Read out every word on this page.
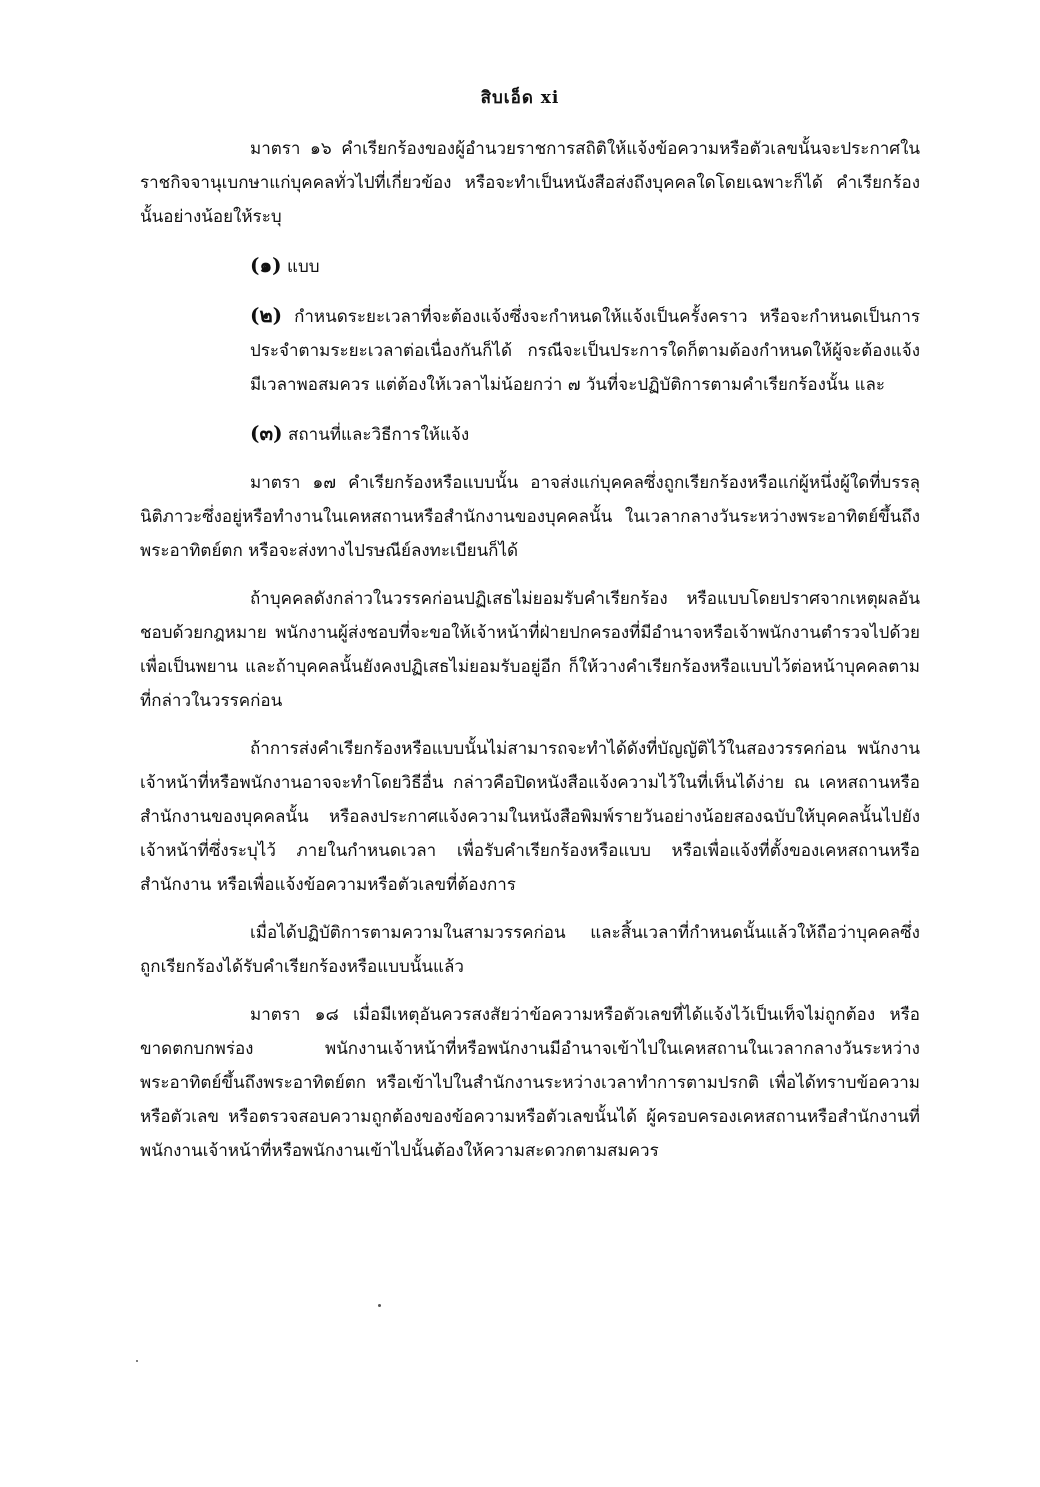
สิบเอ็ด xi

มาตรา ๑๖ คำเรียกร้องของผู้อำนวยราชการสถิติให้แจ้งข้อความหรือตัวเลขนั้นจะประกาศในราชกิจจานุเบกษาแก่บุคคลทั่วไปที่เกี่ยวข้อง หรือจะทำเป็นหนังสือส่งถึงบุคคลใดโดยเฉพาะก็ได้ คำเรียกร้องนั้นอย่างน้อยให้ระบุ

(๑) แบบ

(๒) กำหนดระยะเวลาที่จะต้องแจ้งซึ่งจะกำหนดให้แจ้งเป็นครั้งคราว หรือจะกำหนดเป็นการประจำตามระยะเวลาต่อเนื่องกันก็ได้ กรณีจะเป็นประการใดก็ตามต้องกำหนดให้ผู้จะต้องแจ้งมีเวลาพอสมควร แต่ต้องให้เวลาไม่น้อยกว่า ๗ วันที่จะปฏิบัติการตามคำเรียกร้องนั้น และ

(๓) สถานที่และวิธีการให้แจ้ง

มาตรา ๑๗ คำเรียกร้องหรือแบบนั้น อาจส่งแก่บุคคลซึ่งถูกเรียกร้องหรือแก่ผู้หนึ่งผู้ใดที่บรรลุนิติภาวะซึ่งอยู่หรือทำงานในเคหสถานหรือสำนักงานของบุคคลนั้น ในเวลากลางวันระหว่างพระอาทิตย์ขึ้นถึงพระอาทิตย์ตก หรือจะส่งทางไปรษณีย์ลงทะเบียนก็ได้

ถ้าบุคคลดังกล่าวในวรรคก่อนปฏิเสธไม่ยอมรับคำเรียกร้อง หรือแบบโดยปราศจากเหตุผลอันชอบด้วยกฎหมาย พนักงานผู้ส่งชอบที่จะขอให้เจ้าหน้าที่ฝ่ายปกครองที่มีอำนาจหรือเจ้าพนักงานตำรวจไปด้วยเพื่อเป็นพยาน และถ้าบุคคลนั้นยังคงปฏิเสธไม่ยอมรับอยู่อีก ก็ให้วางคำเรียกร้องหรือแบบไว้ต่อหน้าบุคคลตามที่กล่าวในวรรคก่อน

ถ้าการส่งคำเรียกร้องหรือแบบนั้นไม่สามารถจะทำได้ดังที่บัญญัติไว้ในสองวรรคก่อน พนักงานเจ้าหน้าที่หรือพนักงานอาจจะทำโดยวิธีอื่น กล่าวคือปิดหนังสือแจ้งความไว้ในที่เห็นได้ง่าย ณ เคหสถานหรือสำนักงานของบุคคลนั้น หรือลงประกาศแจ้งความในหนังสือพิมพ์รายวันอย่างน้อยสองฉบับให้บุคคลนั้นไปยังเจ้าหน้าที่ซึ่งระบุไว้ ภายในกำหนดเวลา เพื่อรับคำเรียกร้องหรือแบบ หรือเพื่อแจ้งที่ตั้งของเคหสถานหรือสำนักงาน หรือเพื่อแจ้งข้อความหรือตัวเลขที่ต้องการ

เมื่อได้ปฏิบัติการตามความในสามวรรคก่อน และสิ้นเวลาที่กำหนดนั้นแล้วให้ถือว่าบุคคลซึ่งถูกเรียกร้องได้รับคำเรียกร้องหรือแบบนั้นแล้ว

มาตรา ๑๘ เมื่อมีเหตุอันควรสงสัยว่าข้อความหรือตัวเลขที่ได้แจ้งไว้เป็นเท็จไม่ถูกต้อง หรือขาดตกบกพร่อง พนักงานเจ้าหน้าที่หรือพนักงานมีอำนาจเข้าไปในเคหสถานในเวลากลางวันระหว่างพระอาทิตย์ขึ้นถึงพระอาทิตย์ตก หรือเข้าไปในสำนักงานระหว่างเวลาทำการตามปรกติ เพื่อได้ทราบข้อความหรือตัวเลข หรือตรวจสอบความถูกต้องของข้อความหรือตัวเลขนั้นได้ ผู้ครอบครองเคหสถานหรือสำนักงานที่พนักงานเจ้าหน้าที่หรือพนักงานเข้าไปนั้นต้องให้ความสะดวกตามสมควร
